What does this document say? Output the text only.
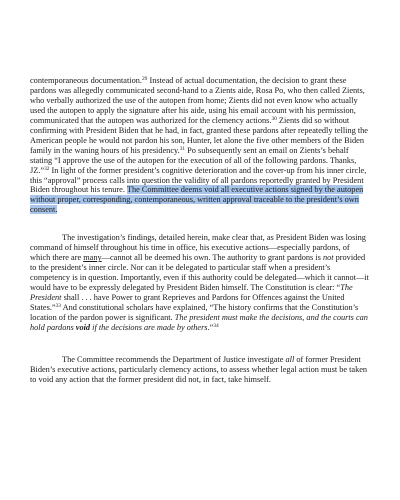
contemporaneous documentation.$^{29}$ Instead of actual documentation, the decision to grant these pardons was allegedly communicated second-hand to a Zients aide, Rosa Po, who then called Zients, who verbally authorized the use of the autopen from home; Zients did not even know who actually used the autopen to apply the signature after his aide, using his email account with his permission, communicated that the autopen was authorized for the clemency actions.$^{30}$ Zients did so without confirming with President Biden that he had, in fact, granted these pardons after repeatedly telling the American people he would not pardon his son, Hunter, let alone the five other members of the Biden family in the waning hours of his presidency.$^{31}$ Po subsequently sent an email on Zients’s behalf stating “I approve the use of the autopen for the execution of all of the following pardons. Thanks, JZ.”$^{32}$ In light of the former president’s cognitive deterioration and the cover-up from his inner circle, this “approval” process calls into question the validity of all pardons reportedly granted by President Biden throughout his tenure. The Committee deems void all executive actions signed by the autopen without proper, corresponding, contemporaneous, written approval traceable to the president’s own consent.

The investigation’s findings, detailed herein, make clear that, as President Biden was losing command of himself throughout his time in office, his executive actions—especially pardons, of which there are many—cannot all be deemed his own. The authority to grant pardons is not provided to the president’s inner circle. Nor can it be delegated to particular staff when a president’s competency is in question. Importantly, even if this authority could be delegated—which it cannot—it would have to be expressly delegated by President Biden himself. The Constitution is clear: “The President shall . . . have Power to grant Reprieves and Pardons for Offences against the United States.”$^{33}$ And constitutional scholars have explained, “The history confirms that the Constitution’s location of the pardon power is significant. The president must make the decisions, and the courts can hold pardons void if the decisions are made by others.”$^{34}$

The Committee recommends the Department of Justice investigate all of former President Biden’s executive actions, particularly clemency actions, to assess whether legal action must be taken to void any action that the former president did not, in fact, take himself.
